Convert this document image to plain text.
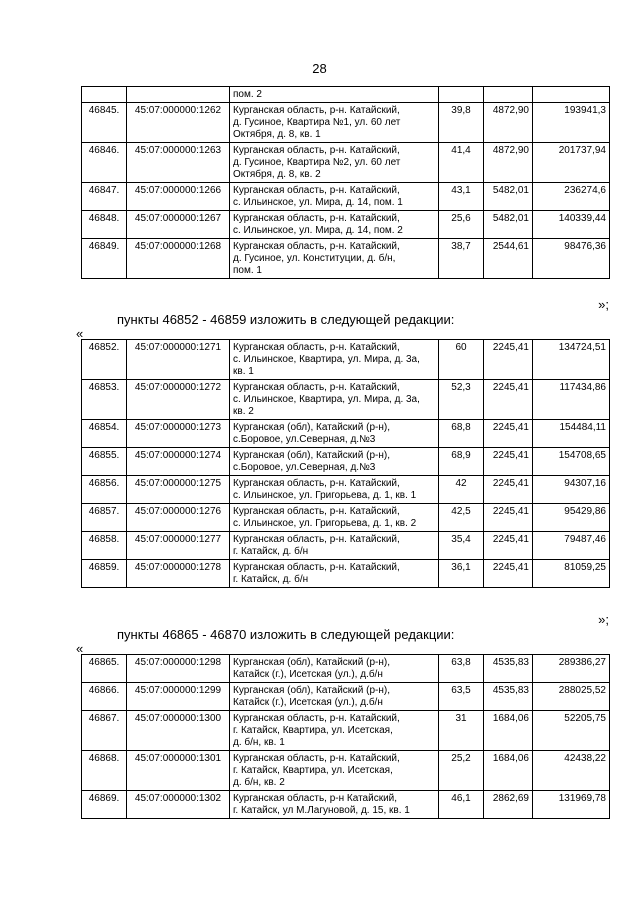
28

		пом. 2			

46845.	45:07:000000:1262	Курганская область, р-н. Катайский,
д. Гусиное, Квартира №1, ул. 60 лет
Октября, д. 8, кв. 1	39,8	4872,90	193941,3
46846.	45:07:000000:1263	Курганская область, р-н. Катайский,
д. Гусиное, Квартира №2, ул. 60 лет
Октября, д. 8, кв. 2	41,4	4872,90	201737,94
46847.	45:07:000000:1266	Курганская область, р-н. Катайский,
с. Ильинское, ул. Мира, д. 14, пом. 1	43,1	5482,01	236274,6
46848.	45:07:000000:1267	Курганская область, р-н. Катайский,
с. Ильинское, ул. Мира, д. 14, пом. 2	25,6	5482,01	140339,44
46849.	45:07:000000:1268	Курганская область, р-н. Катайский,
д. Гусиное, ул. Конституции, д. б/н,
пом. 1	38,7	2544,61	98476,36
»;
пункты 46852 - 46859 изложить в следующей редакции:
«
46852.	45:07:000000:1271	Курганская область, р-н. Катайский,
с. Ильинское, Квартира, ул. Мира, д. 3а,
кв. 1	60	2245,41	134724,51
46853.	45:07:000000:1272	Курганская область, р-н. Катайский,
с. Ильинское, Квартира, ул. Мира, д. 3а,
кв. 2	52,3	2245,41	117434,86
46854.	45:07:000000:1273	Курганская (обл), Катайский (р-н),
с.Боровое, ул.Северная, д.№3	68,8	2245,41	154484,11
46855.	45:07:000000:1274	Курганская (обл), Катайский (р-н),
с.Боровое, ул.Северная, д.№3	68,9	2245,41	154708,65
46856.	45:07:000000:1275	Курганская область, р-н. Катайский,
с. Ильинское, ул. Григорьева, д. 1, кв. 1	42	2245,41	94307,16
46857.	45:07:000000:1276	Курганская область, р-н. Катайский,
с. Ильинское, ул. Григорьева, д. 1, кв. 2	42,5	2245,41	95429,86
46858.	45:07:000000:1277	Курганская область, р-н. Катайский,
г. Катайск, д. б/н	35,4	2245,41	79487,46
46859.	45:07:000000:1278	Курганская область, р-н. Катайский,
г. Катайск, д. б/н	36,1	2245,41	81059,25
»;
пункты 46865 - 46870 изложить в следующей редакции:
«
46865.	45:07:000000:1298	Курганская (обл), Катайский (р-н),
Катайск (г.), Исетская (ул.), д.б/н	63,8	4535,83	289386,27
46866.	45:07:000000:1299	Курганская (обл), Катайский (р-н),
Катайск (г.), Исетская (ул.), д.б/н	63,5	4535,83	288025,52
46867.	45:07:000000:1300	Курганская область, р-н. Катайский,
г. Катайск, Квартира, ул. Исетская,
д. б/н, кв. 1	31	1684,06	52205,75
46868.	45:07:000000:1301	Курганская область, р-н. Катайский,
г. Катайск, Квартира, ул. Исетская,
д. б/н, кв. 2	25,2	1684,06	42438,22
46869.	45:07:000000:1302	Курганская область, р-н Катайский,
г. Катайск, ул М.Лагуновой, д. 15, кв. 1	46,1	2862,69	131969,78
